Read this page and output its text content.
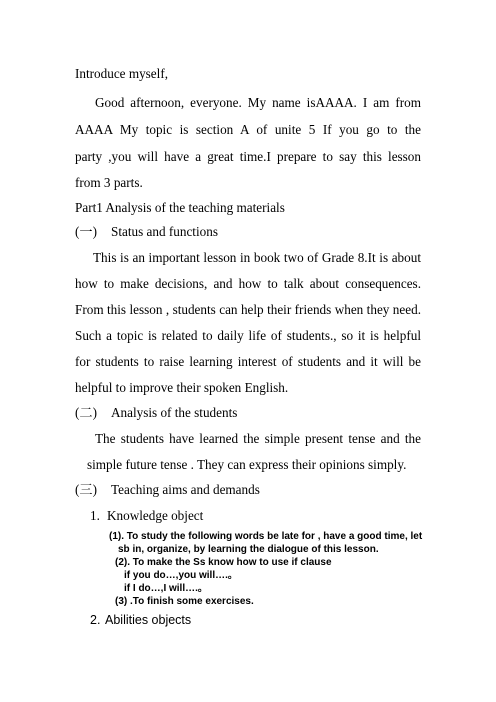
Introduce myself,
Good afternoon, everyone. My name isAAAA. I am from
AAAA My topic is section A of unite 5 If you go to the
party ,you will have a great time.I prepare to say this lesson
from 3 parts.
Part1 Analysis of the teaching materials
(一) Status and functions
This is an important lesson in book two of Grade 8.It is about
how to make decisions, and how to talk about consequences.
From this lesson , students can help their friends when they need.
Such a topic is related to daily life of students., so it is helpful
for students to raise learning interest of students and it will be
helpful to improve their spoken English.
(二) Analysis of the students
The students have learned the simple present tense and the
simple future tense . They can express their opinions simply.
(三) Teaching aims and demands
1. Knowledge object
(1). To study the following words be late for , have a good time, let
sb in, organize, by learning the dialogue of this lesson.
(2). To make the Ss know how to use if clause
if you do…,you will….。
if I do…,I will….。
(3) .To finish some exercises.
2. Abilities objects
